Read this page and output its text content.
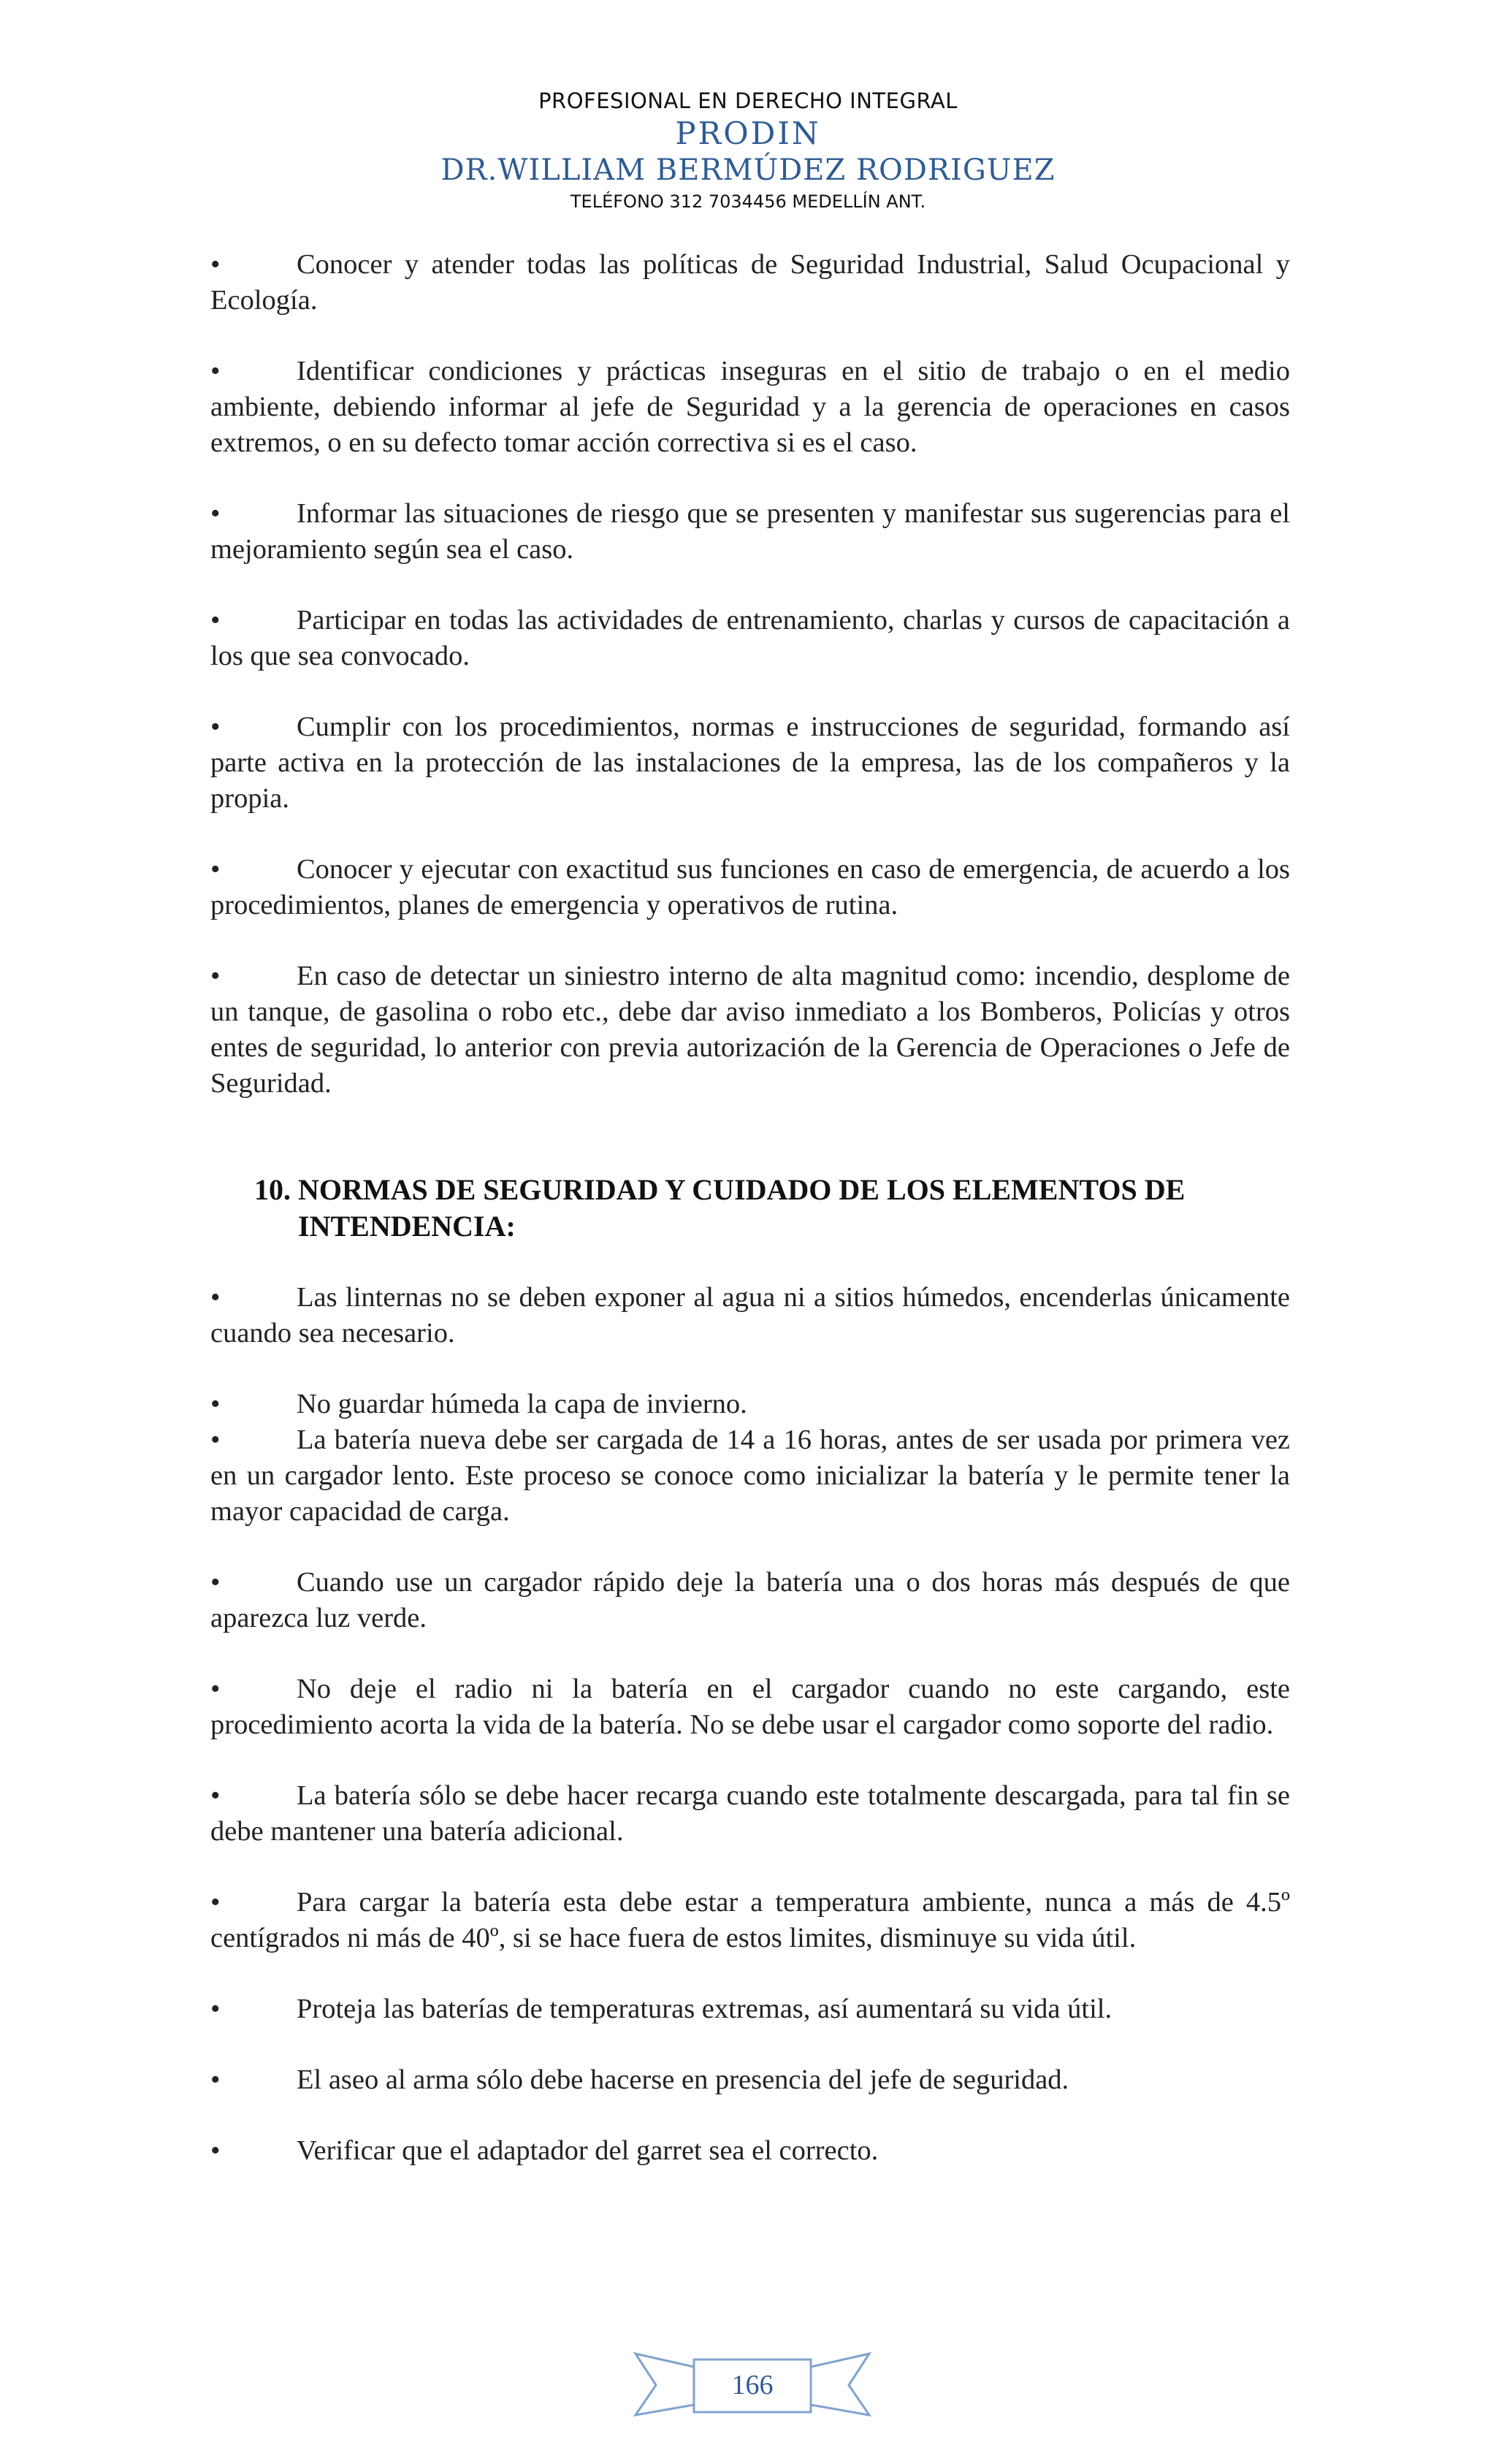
PROFESIONAL EN DERECHO INTEGRAL
PRODIN
DR.WILLIAM BERMÚDEZ RODRIGUEZ
TELÉFONO 312 7034456 MEDELLÍN ANT.

•	Conocer y atender todas las políticas de Seguridad Industrial, Salud Ocupacional y Ecología.

•	Identificar condiciones y prácticas inseguras en el sitio de trabajo o en el medio ambiente, debiendo informar al jefe de Seguridad y a la gerencia de operaciones en casos extremos, o en su defecto tomar acción correctiva si es el caso.

•	Informar las situaciones de riesgo que se presenten y manifestar sus sugerencias para el mejoramiento según sea el caso.

•	Participar en todas las actividades de entrenamiento, charlas y cursos de capacitación a los que sea convocado.

•	Cumplir con los procedimientos, normas e instrucciones de seguridad, formando así parte activa en la protección de las instalaciones de la empresa, las de los compañeros y la propia.

•	Conocer y ejecutar con exactitud sus funciones en caso de emergencia, de acuerdo a los procedimientos, planes de emergencia y operativos de rutina.

•	En caso de detectar un siniestro interno de alta magnitud como: incendio, desplome de un tanque, de gasolina o robo etc., debe dar aviso inmediato a los Bomberos, Policías y otros entes de seguridad, lo anterior con previa autorización de la Gerencia de Operaciones o Jefe de Seguridad.

10. NORMAS DE SEGURIDAD Y CUIDADO DE LOS ELEMENTOS DE INTENDENCIA:

•	Las linternas no se deben exponer al agua ni a sitios húmedos, encenderlas únicamente cuando sea necesario.

•	No guardar húmeda la capa de invierno.

•	La batería nueva debe ser cargada de 14 a 16 horas, antes de ser usada por primera vez en un cargador lento. Este proceso se conoce como inicializar la batería y le permite tener la mayor capacidad de carga.

•	Cuando use un cargador rápido deje la batería una o dos horas más después de que aparezca luz verde.

•	No deje el radio ni la batería en el cargador cuando no este cargando, este procedimiento acorta la vida de la batería. No se debe usar el cargador como soporte del radio.

•	La batería sólo se debe hacer recarga cuando este totalmente descargada, para tal fin se debe mantener una batería adicional.

•	Para cargar la batería esta debe estar a temperatura ambiente, nunca a más de 4.5º centígrados ni más de 40º, si se hace fuera de estos limites, disminuye su vida útil.

•	Proteja las baterías de temperaturas extremas, así aumentará su vida útil.

•	El aseo al arma sólo debe hacerse en presencia del jefe de seguridad.

•	Verificar que el adaptador del garret sea el correcto.

166
